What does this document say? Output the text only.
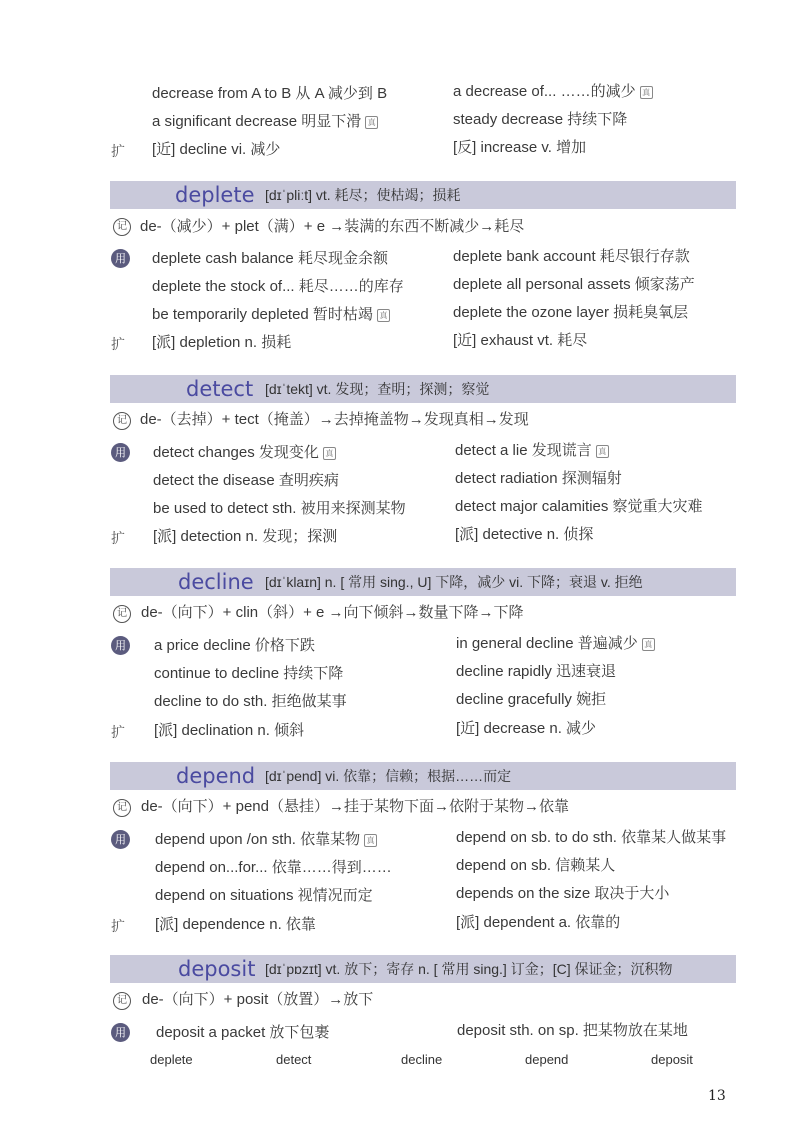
decrease from A to B 从 A 减少到 B	a decrease of... ……的减少 真
a significant decrease 明显下滑 真	steady decrease 持续下降
扩 [近] decline vi. 减少	[反] increase v. 增加
deplete [dɪˈpliːt] vt. 耗尽；使枯竭；损耗
记 de-（减少）+ plet（满）+ e →装满的东西不断减少→耗尽
用 deplete cash balance 耗尽现金余额	deplete bank account 耗尽银行存款
deplete the stock of... 耗尽……的库存	deplete all personal assets 倾家荡产
be temporarily depleted 暂时枯竭 真	deplete the ozone layer 损耗臭氧层
扩 [派] depletion n. 损耗	[近] exhaust vt. 耗尽
detect [dɪˈtekt] vt. 发现；查明；探测；察觉
记 de-（去掉）+ tect（掩盖）→去掉掩盖物→发现真相→发现
用 detect changes 发现变化 真	detect a lie 发现谎言 真
detect the disease 查明疾病	detect radiation 探测辐射
be used to detect sth. 被用来探测某物	detect major calamities 察觉重大灾难
扩 [派] detection n. 发现；探测	[派] detective n. 侦探
decline [dɪˈklaɪn] n. [ 常用 sing., U] 下降，减少 vi. 下降；衰退 v. 拒绝
记 de-（向下）+ clin（斜）+ e →向下倾斜→数量下降→下降
用 a price decline 价格下跌	in general decline 普遍减少 真
continue to decline 持续下降	decline rapidly 迅速衰退
decline to do sth. 拒绝做某事	decline gracefully 婉拒
扩 [派] declination n. 倾斜	[近] decrease n. 减少
depend [dɪˈpend] vi. 依靠；信赖；根据……而定
记 de-（向下）+ pend（悬挂）→挂于某物下面→依附于某物→依靠
用 depend upon /on sth. 依靠某物 真	depend on sb. to do sth. 依靠某人做某事
depend on...for... 依靠……得到……	depend on sb. 信赖某人
depend on situations 视情况而定	depends on the size 取决于大小
扩 [派] dependence n. 依靠	[派] dependent a. 依靠的
deposit [dɪˈpɒzɪt] vt. 放下；寄存 n. [ 常用 sing.] 订金；[C] 保证金；沉积物
记 de-（向下）+ posit（放置）→放下
用 deposit a packet 放下包裹	deposit sth. on sp. 把某物放在某地
deplete	detect	decline	depend	deposit
13
